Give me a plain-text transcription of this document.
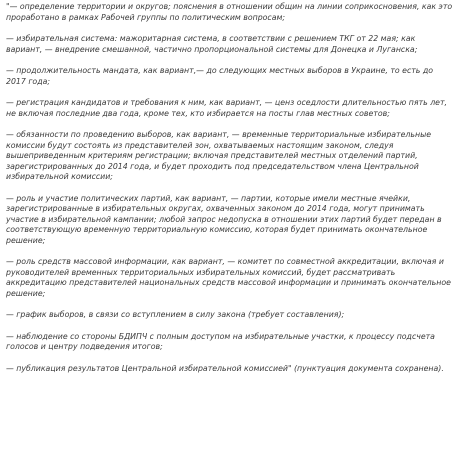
"— определение территории и округов; пояснения в отношении общин на линии соприкосновения, как это проработано в рамках Рабочей группы по политическим вопросам;

— избирательная система: мажоритарная система, в соответствии с решением ТКГ от 22 мая; как вариант, — внедрение смешанной, частично пропорциональной системы для Донецка и Луганска;

— продолжительность мандата, как вариант,— до следующих местных выборов в Украине, то есть до 2017 года;

— регистрация кандидатов и требования к ним, как вариант, — ценз оседлости длительностью пять лет, не включая последние два года, кроме тех, кто избирается на посты глав местных советов;

— обязанности по проведению выборов, как вариант, — временные территориальные избирательные комиссии будут состоять из представителей зон, охватываемых настоящим законом, следуя вышеприведенным критериям регистрации; включая представителей местных отделений партий, зарегистрированных до 2014 года, и будет проходить под председательством члена Центральной избирательной комиссии;

— роль и участие политических партий, как вариант, — партии, которые имели местные ячейки, зарегистрированные в избирательных округах, охваченных законом до 2014 года, могут принимать участие в избирательной кампании; любой запрос недопуска в отношении этих партий будет передан в соответствующую временную территориальную комиссию, которая будет принимать окончательное решение;

— роль средств массовой информации, как вариант, — комитет по совместной аккредитации, включая и руководителей временных территориальных избирательных комиссий, будет рассматривать аккредитацию представителей национальных средств массовой информации и принимать окончательное решение;

— график выборов, в связи со вступлением в силу закона (требует составления);

— наблюдение со стороны БДИПЧ с полным доступом на избирательные участки, к процессу подсчета голосов и центру подведения итогов;

— публикация результатов Центральной избирательной комиссией" (пунктуация документа сохранена).
